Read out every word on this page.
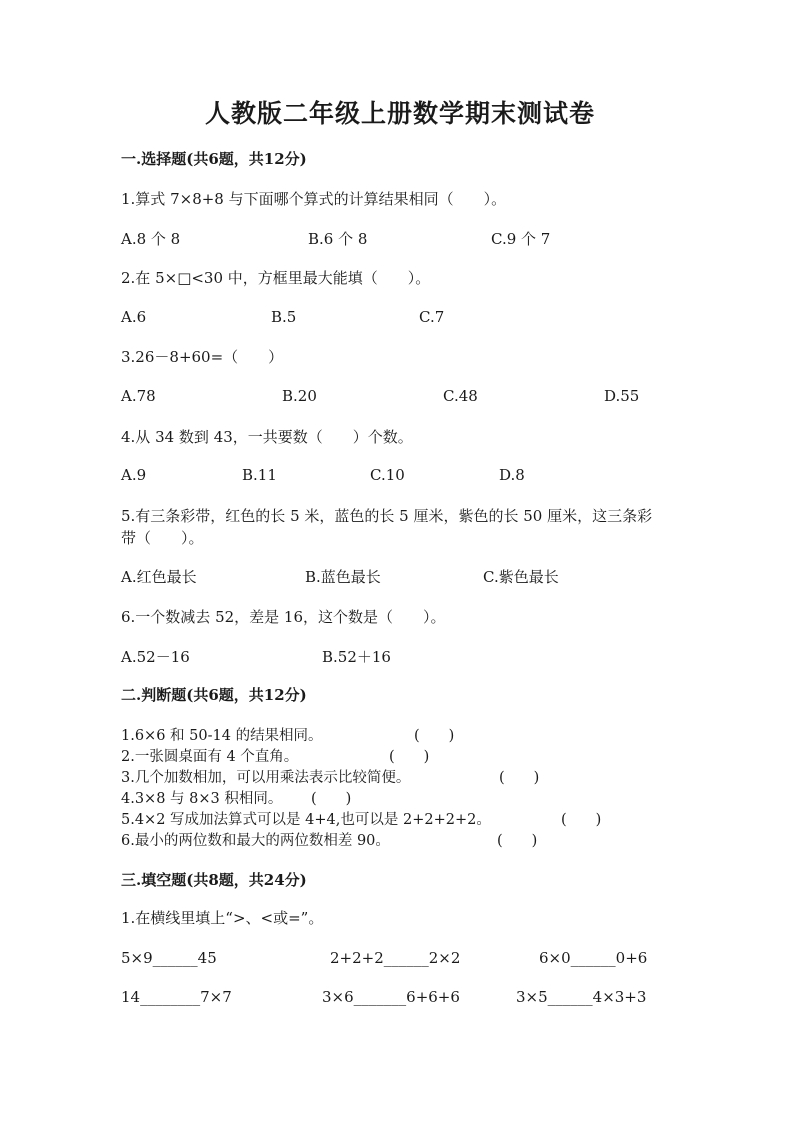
人教版二年级上册数学期末测试卷
一.选择题(共6题，共12分)
1.算式 7×8+8 与下面哪个算式的计算结果相同（　　）。
A.8 个 8	B.6 个 8	C.9 个 7
2.在 5×□<30 中，方框里最大能填（　　）。
A.6	B.5	C.7
3.26－8+60=（　　）
A.78	B.20	C.48	D.55
4.从 34 数到 43，一共要数（　　）个数。
A.9	B.11	C.10	D.8
5.有三条彩带，红色的长 5 米，蓝色的长 5 厘米，紫色的长 50 厘米，这三条彩
带（　　）。
A.红色最长	B.蓝色最长	C.紫色最长
6.一个数减去 52，差是 16，这个数是（　　）。
A.52－16	B.52＋16
二.判断题(共6题，共12分)
1.6×6 和 50-14 的结果相同。	(　　)
2.一张圆桌面有 4 个直角。	(　　)
3.几个加数相加，可以用乘法表示比较简便。	(　　)
4.3×8 与 8×3 积相同。 (　　)
5.4×2 写成加法算式可以是 4+4,也可以是 2+2+2+2。	(　　)
6.最小的两位数和最大的两位数相差 90。	(　　)
三.填空题(共8题，共24分)
1.在横线里填上“>、<或=”。
5×9______45	2+2+2______2×2	6×0______0+6
14________7×7	3×6_______6+6+6	3×5______4×3+3
